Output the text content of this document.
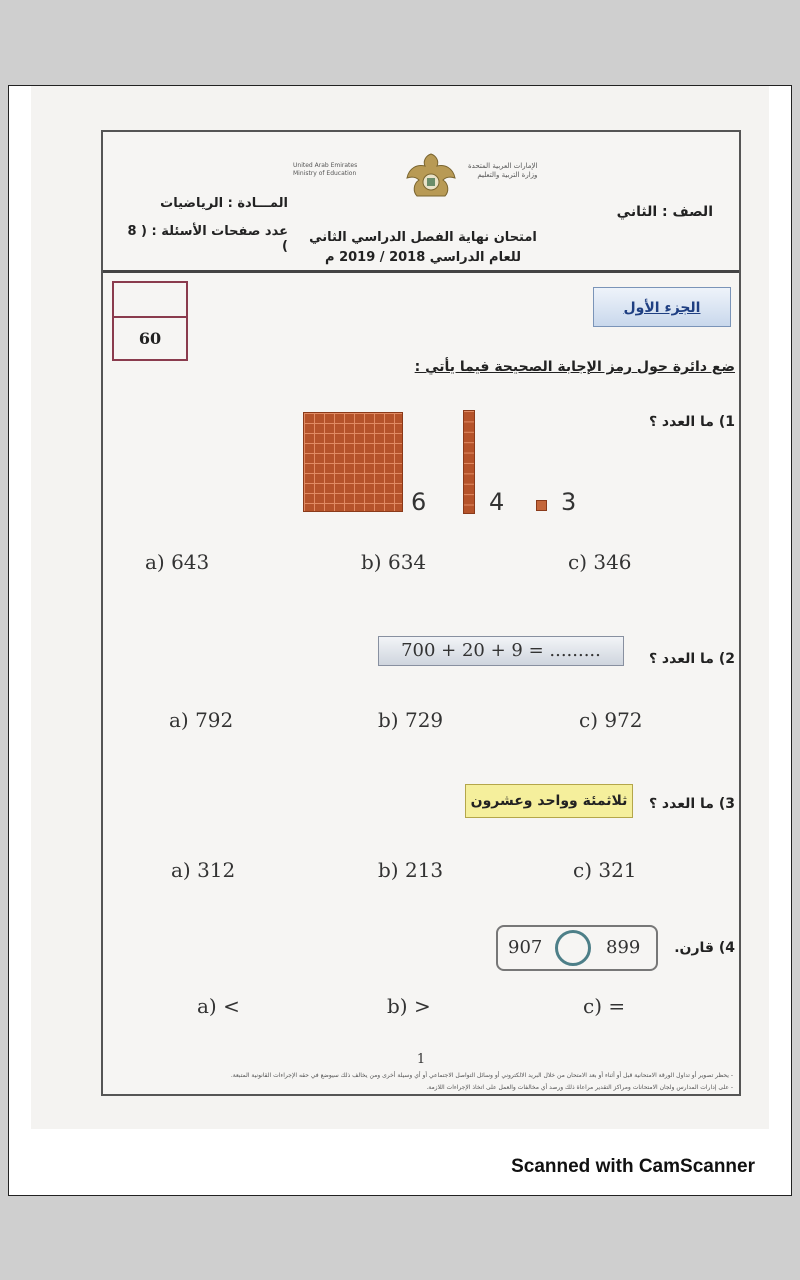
United Arab Emirates
Ministry of Education
الإمارات العربية المتحدة
وزارة التربية والتعليم
المـــادة : الرياضيات
عدد صفحات الأسئلة : ( 8 )
الصف : الثاني
امتحان نهاية الفصل الدراسي الثاني
للعام الدراسي 2018 / 2019 م
60
الجزء الأول
ضع دائرة حول رمز الإجابة الصحيحة فيما يأتي :
1) ما العدد ؟
6	4 3
a) 643	b) 634	c) 346
2) ما العدد ؟
700 + 20 + 9 = .........
a) 792	b) 729	c) 972
3) ما العدد ؟
ثلاثمئة وواحد وعشرون
a) 312	b) 213	c) 321
4) قارن.
907	899
a) <	b) >	c) =
1
- يحظر تصوير أو تداول الورقة الامتحانية قبل أو أثناء أو بعد الامتحان من خلال البريد الالكتروني أو وسائل التواصل الاجتماعي أو أي وسيلة أخرى ومن يخالف ذلك سيوضع في حقه الإجراءات القانونية المتبعة.
- على إدارات المدارس ولجان الامتحانات ومراكز التقدير مراعاة ذلك ورصد أي مخالفات والعمل على اتخاذ الإجراءات اللازمة.
Scanned with CamScanner
